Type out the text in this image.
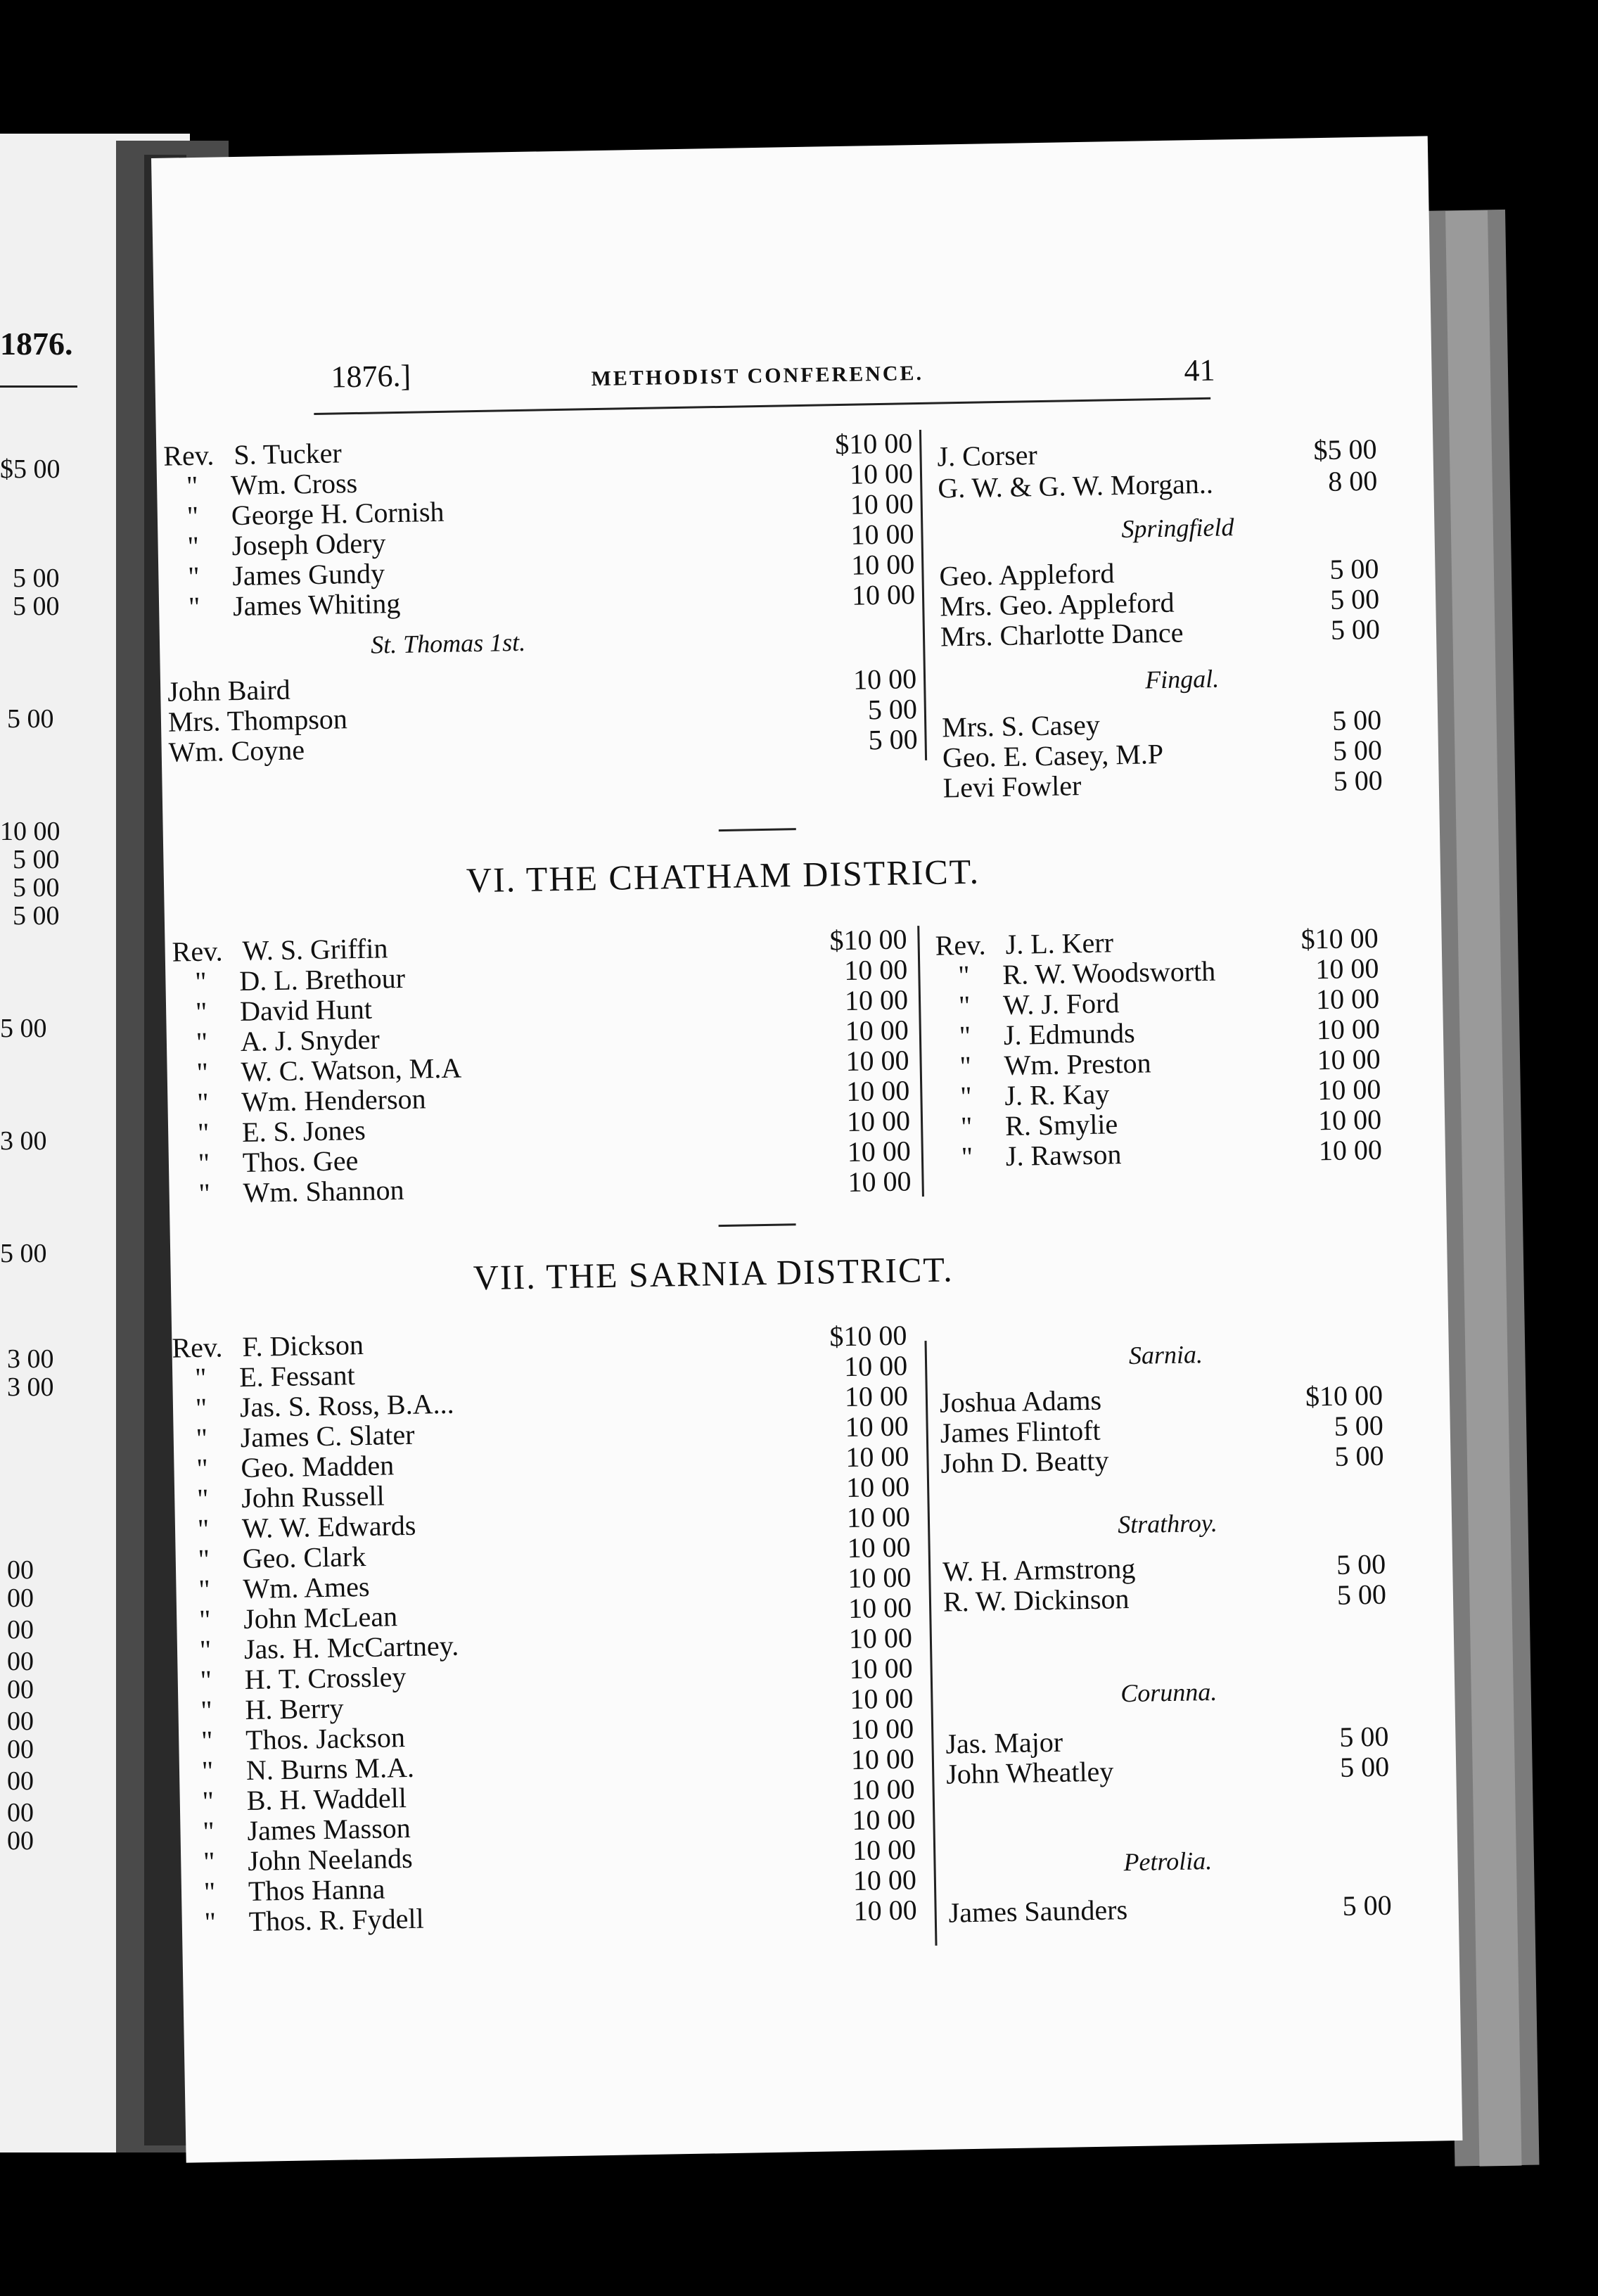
1876.
$5 00
5 00
5 00
5 00
10 00
5 00
5 00
5 00
5 00
3 00
5 00
3 00
3 00
00
00
00
00
00
00
00
00
00
00
1876.]	METHODIST CONFERENCE.	41
Rev. S. Tucker	$10 00
"	Wm. Cross	10 00
"	George H. Cornish	10 00
"	Joseph Odery	10 00
"	James Gundy	10 00
"	James Whiting	10 00
St. Thomas 1st.
John Baird	10 00
Mrs. Thompson	5 00
Wm. Coyne	5 00
J. Corser	$5 00
G. W. & G. W. Morgan..	8 00
Springfield
Geo. Appleford	5 00
Mrs. Geo. Appleford	5 00
Mrs. Charlotte Dance	5 00
Fingal.
Mrs. S. Casey	5 00
Geo. E. Casey, M.P	5 00
Levi Fowler	5 00
VI. THE CHATHAM DISTRICT.
Rev. W. S. Griffin	$10 00
"	D. L. Brethour	10 00
"	David Hunt	10 00
"	A. J. Snyder	10 00
"	W. C. Watson, M.A	10 00
"	Wm. Henderson	10 00
"	E. S. Jones	10 00
"	Thos. Gee	10 00
"	Wm. Shannon	10 00
Rev. J. L. Kerr	$10 00
"	R. W. Woodsworth	10 00
"	W. J. Ford	10 00
"	J. Edmunds	10 00
"	Wm. Preston	10 00
"	J. R. Kay	10 00
"	R. Smylie	10 00
"	J. Rawson	10 00
VII. THE SARNIA DISTRICT.
Rev. F. Dickson	$10 00
"	E. Fessant	10 00
"	Jas. S. Ross, B.A...	10 00
"	James C. Slater	10 00
"	Geo. Madden	10 00
"	John Russell	10 00
"	W. W. Edwards	10 00
"	Geo. Clark	10 00
"	Wm. Ames	10 00
"	John McLean	10 00
"	Jas. H. McCartney.	10 00
"	H. T. Crossley	10 00
"	H. Berry	10 00
"	Thos. Jackson	10 00
"	N. Burns M.A.	10 00
"	B. H. Waddell	10 00
"	James Masson	10 00
"	John Neelands	10 00
"	Thos Hanna	10 00
"	Thos. R. Fydell	10 00
Sarnia.
Joshua Adams	$10 00
James Flintoft	5 00
John D. Beatty	5 00
Strathroy.
W. H. Armstrong	5 00
R. W. Dickinson	5 00
Corunna.
Jas. Major	5 00
John Wheatley	5 00
Petrolia.
James Saunders	5 00
